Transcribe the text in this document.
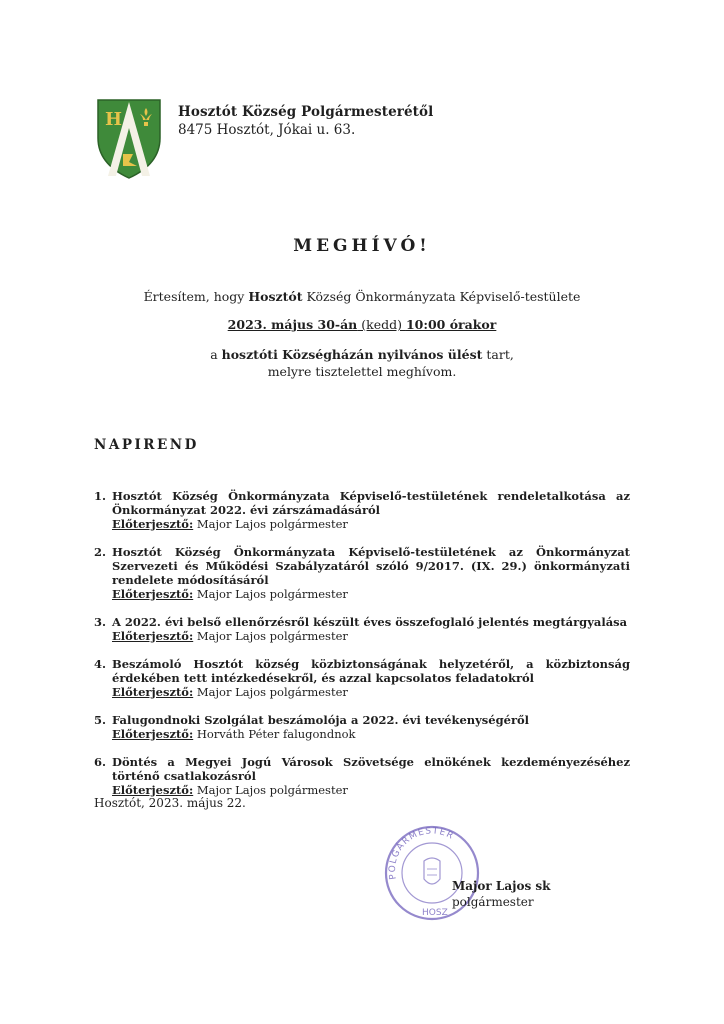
H	Hosztót Község Polgármesterétől
8475 Hosztót, Jókai u. 63.
MEGHÍVÓ!
Értesítem, hogy Hosztót Község Önkormányzata Képviselő-testülete
2023. május 30-án (kedd) 10:00 órakor
a hosztóti Községházán nyilvános ülést tart,
melyre tisztelettel meghívom.
NAPIREND
1. Hosztót Község Önkormányzata Képviselő-testületének rendeletalkotása az Önkormányzat 2022. évi zárszámadásáról
Előterjesztő: Major Lajos polgármester
2. Hosztót Község Önkormányzata Képviselő-testületének az Önkormányzat Szervezeti és Működési Szabályzatáról szóló 9/2017. (IX. 29.) önkormányzati rendelete módosításáról
Előterjesztő: Major Lajos polgármester
3. A 2022. évi belső ellenőrzésről készült éves összefoglaló jelentés megtárgyalása
Előterjesztő: Major Lajos polgármester
4. Beszámoló Hosztót község közbiztonságának helyzetéről, a közbiztonság érdekében tett intézkedésekről, és azzal kapcsolatos feladatokról
Előterjesztő: Major Lajos polgármester
5. Falugondnoki Szolgálat beszámolója a 2022. évi tevékenységéről
Előterjesztő: Horváth Péter falugondnok
6. Döntés a Megyei Jogú Városok Szövetsége elnökének kezdeményezéséhez történő csatlakozásról
Előterjesztő: Major Lajos polgármester
Hosztót, 2023. május 22.
POLGÁRMESTER
HOSZ
Major Lajos sk
polgármester
